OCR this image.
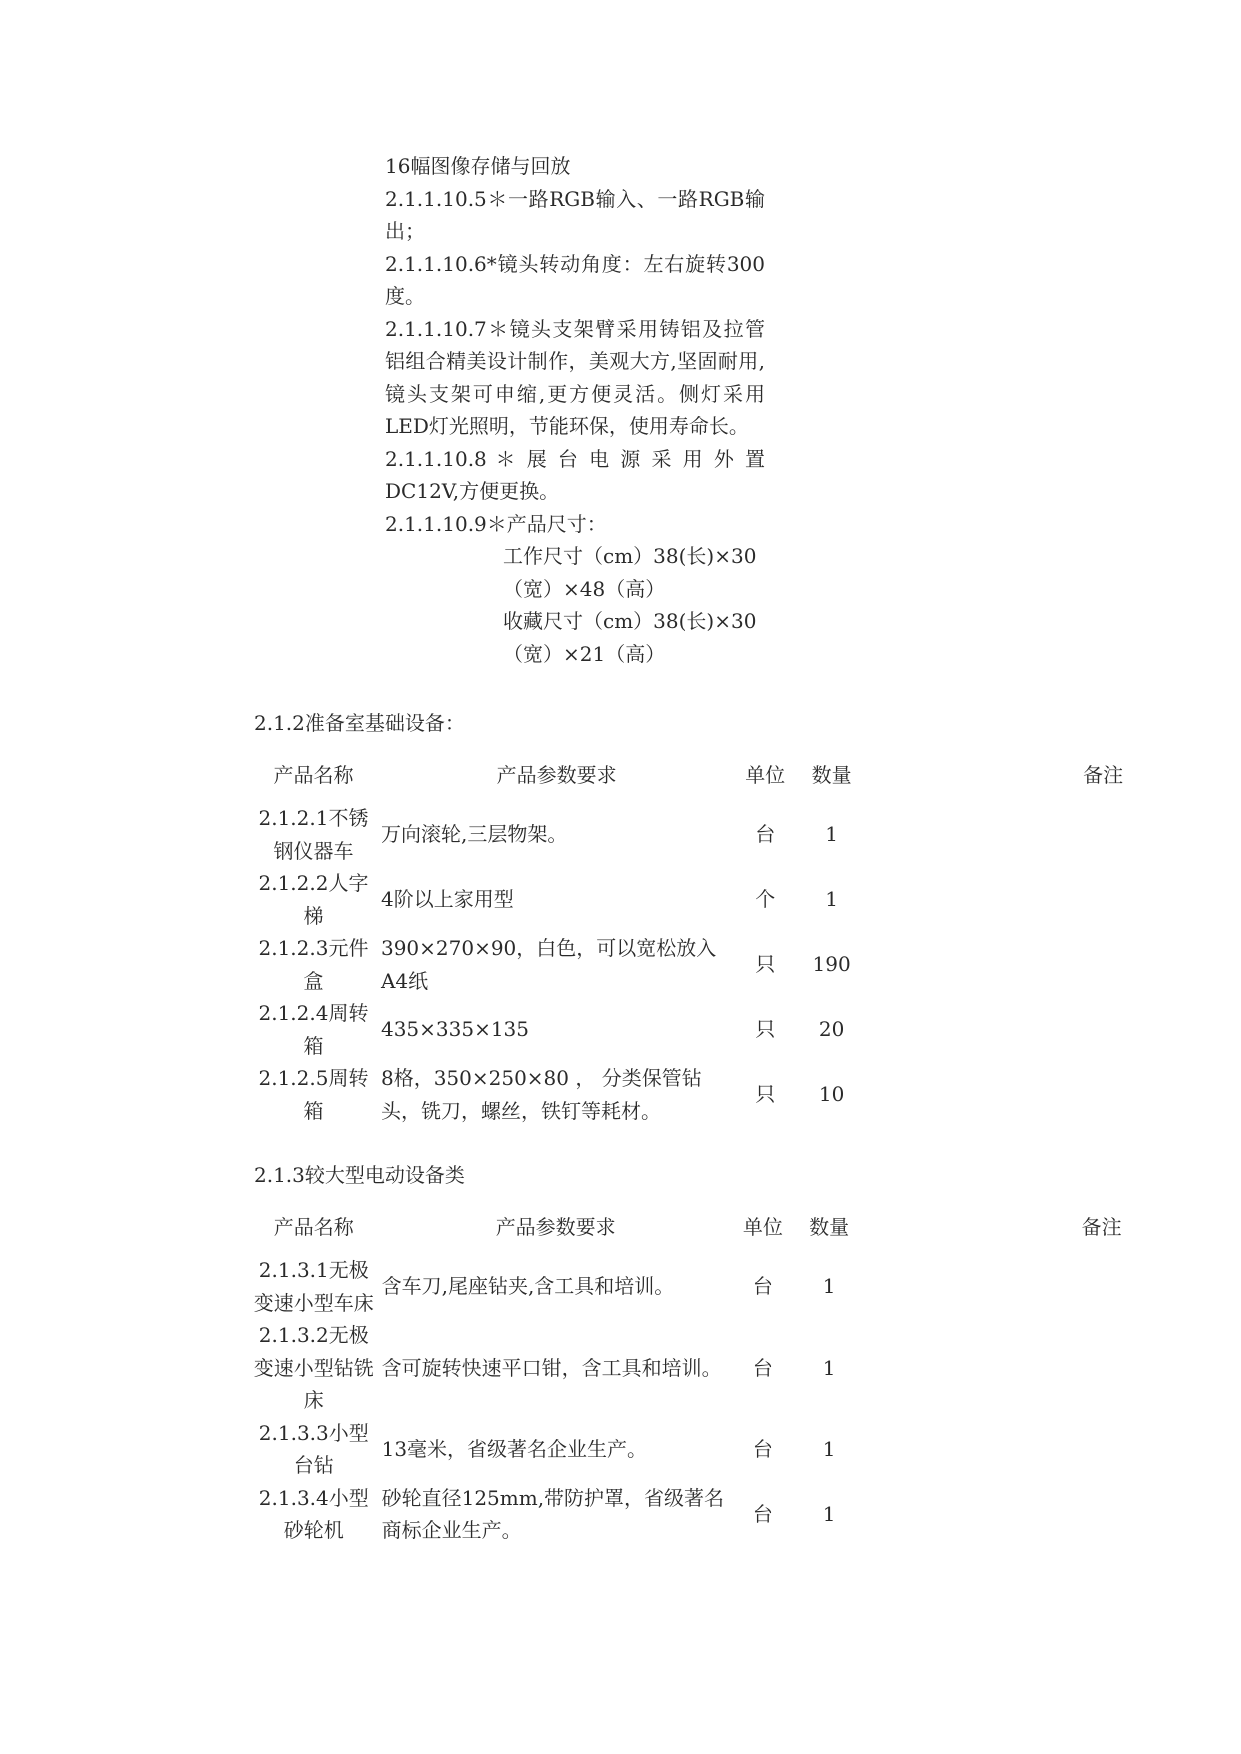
16幅图像存储与回放

2.1.1.10.5＊一路RGB输入、一路RGB输出；

2.1.1.10.6*镜头转动角度：左右旋转300度。

2.1.1.10.7＊镜头支架臂采用铸铝及拉管铝组合精美设计制作，美观大方,坚固耐用,镜头支架可申缩,更方便灵活。侧灯采用LED灯光照明，节能环保，使用寿命长。

2.1.1.10.8 ＊ 展 台 电 源 采 用 外 置 DC12V,方便更换。

2.1.1.10.9＊产品尺寸：

工作尺寸（cm）38(长)×30（宽）×48（高）

收藏尺寸（cm）38(长)×30（宽）×21（高）

2.1.2准备室基础设备：
产品名称	产品参数要求	单位	数量	备注
2.1.2.1不锈钢仪器车	万向滚轮,三层物架。	台	1	
2.1.2.2人字梯	4阶以上家用型	个	1	
2.1.2.3元件盒	390×270×90，白色，可以宽松放入A4纸	只	190	
2.1.2.4周转箱	435×335×135	只	20	
2.1.2.5周转箱	8格，350×250×80 ， 分类保管钻头，铣刀，螺丝，铁钉等耗材。	只	10	
2.1.3较大型电动设备类
产品名称	产品参数要求	单位	数量	备注
2.1.3.1无极变速小型车床	含车刀,尾座钻夹,含工具和培训。	台	1	
2.1.3.2无极变速小型钻铣床	含可旋转快速平口钳，含工具和培训。	台	1	
2.1.3.3小型台钻	13毫米，省级著名企业生产。	台	1	
2.1.3.4小型砂轮机	砂轮直径125mm,带防护罩，省级著名商标企业生产。	台	1	
